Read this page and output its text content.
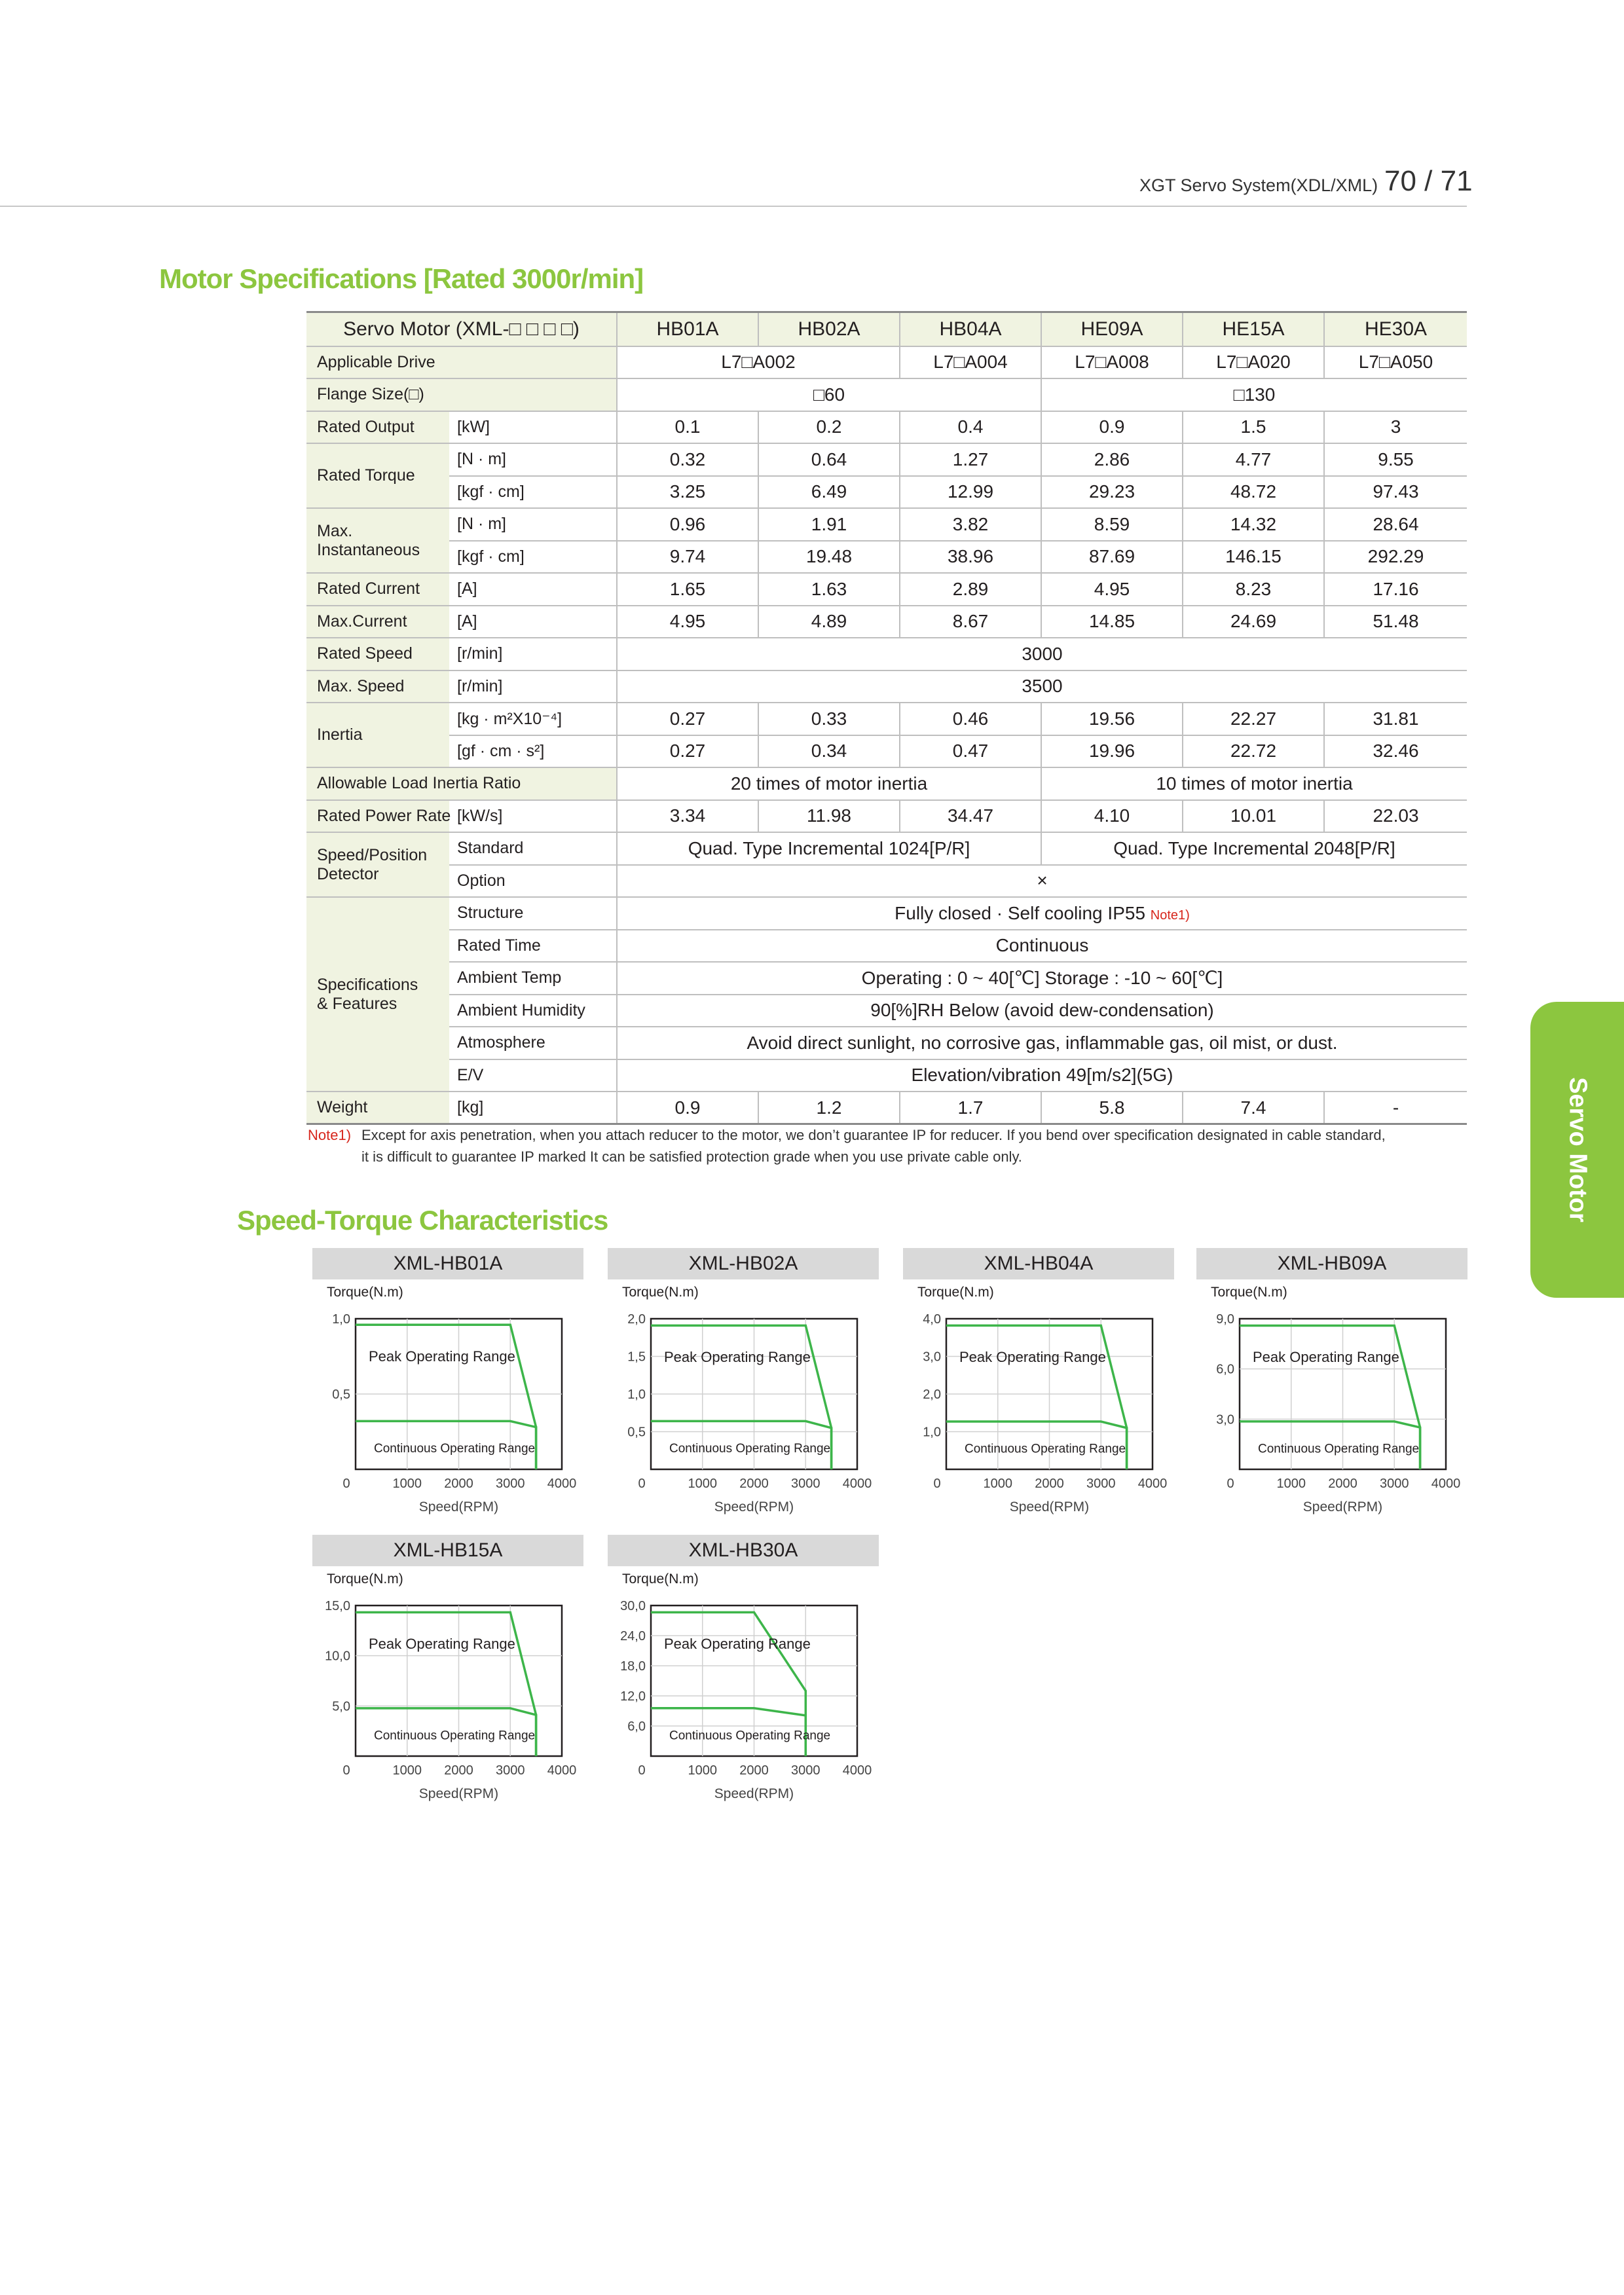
XGT Servo System(XDL/XML) 70 / 71
Motor Specifications [Rated 3000r/min]
Servo Motor
Servo Motor (XML-□ □ □ □)		HB01A	HB02A	HB04A	HE09A	HE15A	HE30A
Applicable Drive		L7□A002		L7□A004	L7□A008	L7□A020	L7□A050
Flange Size(□)		□60			□130		
Rated Output	[kW]	0.1	0.2	0.4	0.9	1.5	3
Rated Torque	[N · m]	0.32	0.64	1.27	2.86	4.77	9.55
	[kgf · cm]	3.25	6.49	12.99	29.23	48.72	97.43
Max.
Instantaneous	[N · m]	0.96	1.91	3.82	8.59	14.32	28.64
	[kgf · cm]	9.74	19.48	38.96	87.69	146.15	292.29
Rated Current	[A]	1.65	1.63	2.89	4.95	8.23	17.16
Max.Current	[A]	4.95	4.89	8.67	14.85	24.69	51.48
Rated Speed	[r/min]	3000					
Max. Speed	[r/min]	3500					
Inertia	[kg · m²X10⁻⁴]	0.27	0.33	0.46	19.56	22.27	31.81
	[gf · cm · s²]	0.27	0.34	0.47	19.96	22.72	32.46
Allowable Load Inertia Ratio		20 times of motor inertia			10 times of motor inertia		
Rated Power Rate	[kW/s]	3.34	11.98	34.47	4.10	10.01	22.03
Speed/Position
Detector	Standard	Quad. Type Incremental 1024[P/R]			Quad. Type Incremental 2048[P/R]		
	Option	×					
Specifications
& Features	Structure	Fully closed · Self cooling IP55 Note1)					
	Rated Time	Continuous					
	Ambient Temp	Operating : 0 ~ 40[℃] Storage : -10 ~ 60[℃]					
	Ambient Humidity	90[%]RH Below (avoid dew-condensation)					
	Atmosphere	Avoid direct sunlight, no corrosive gas, inflammable gas, oil mist, or dust.					
	E/V	Elevation/vibration 49[m/s2](5G)					
Weight	[kg]	0.9	1.2	1.7	5.8	7.4	-
Note1) Except for axis penetration, when you attach reducer to the motor, we don’t guarantee IP for reducer. If you bend over specification designated in cable standard,
it is difficult to guarantee IP marked It can be satisfied protection grade when you use private cable only.
Speed-Torque Characteristics
XML-HB01A
Torque(N.m)
0,5
1,0
0	1000 2000 3000 4000
Speed(RPM)
Peak Operating Range
Continuous Operating Range
XML-HB02A
Torque(N.m)
0,5
1,0
1,5
2,0
0	1000 2000 3000 4000
Speed(RPM)
Peak Operating Range
Continuous Operating Range
XML-HB04A
Torque(N.m)
1,0
2,0
3,0
4,0
0	1000 2000 3000 4000
Speed(RPM)
Peak Operating Range
Continuous Operating Range
XML-HB09A
Torque(N.m)
3,0
6,0
9,0
0	1000 2000 3000 4000
Speed(RPM)
Peak Operating Range
Continuous Operating Range
XML-HB15A
Torque(N.m)
5,0
10,0
15,0
0	1000 2000 3000 4000
Speed(RPM)
Peak Operating Range
Continuous Operating Range
XML-HB30A
Torque(N.m)
6,0
12,0
18,0
24,0
30,0
0	1000 2000 3000 4000
Speed(RPM)
Peak Operating Range
Continuous Operating Range
